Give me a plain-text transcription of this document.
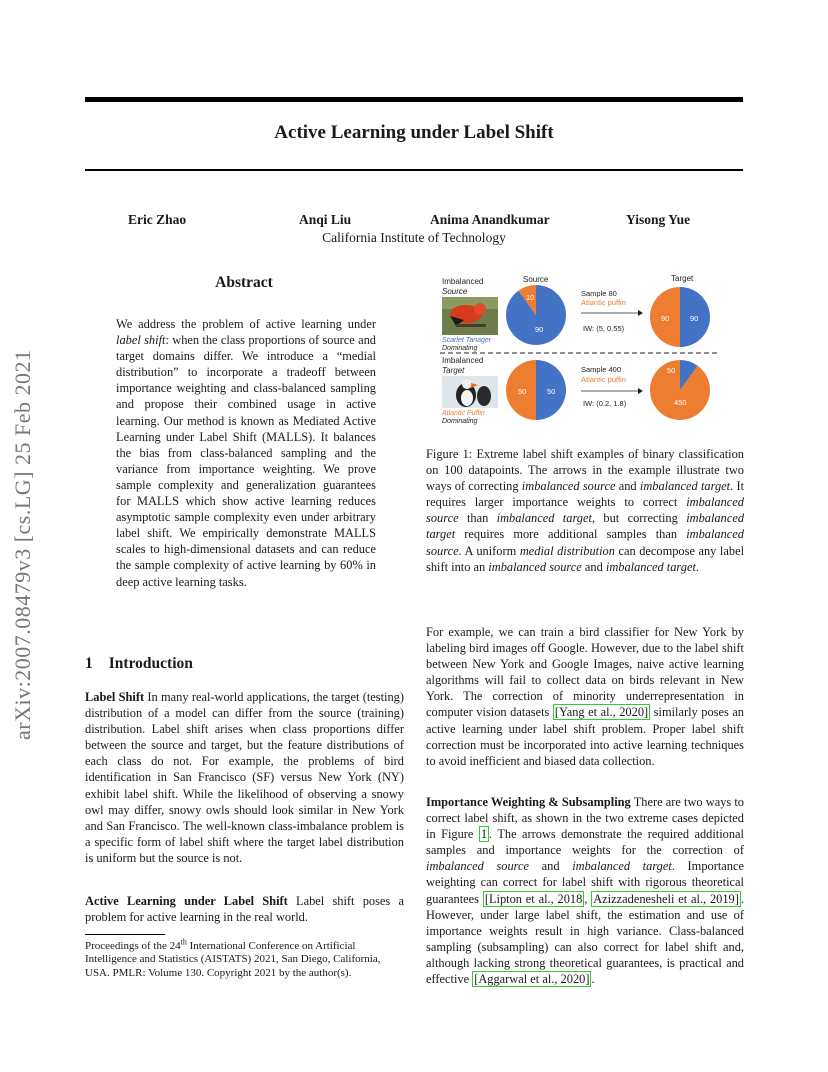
Active Learning under Label Shift
Eric Zhao	Anqi Liu	Anima Anandkumar	Yisong Yue
California Institute of Technology
arXiv:2007.08479v3 [cs.LG] 25 Feb 2021
Abstract
We address the problem of active learning under label shift: when the class proportions of source and target domains differ. We introduce a “medial distribution” to incorporate a tradeoff between importance weighting and class-balanced sampling and propose their combined usage in active learning. Our method is known as Mediated Active Learning under Label Shift (MALLS). It balances the bias from class-balanced sampling and the variance from importance weighting. We prove sample complexity and generalization guarantees for MALLS which show active learning reduces asymptotic sample complexity even under arbitrary label shift. We empirically demonstrate MALLS scales to high-dimensional datasets and can reduce the sample complexity of active learning by 60% in deep active learning tasks.
1 Introduction
Label Shift In many real-world applications, the target (testing) distribution of a model can differ from the source (training) distribution. Label shift arises when class proportions differ between the source and target, but the feature distributions of each class do not. For example, the problems of bird identification in San Francisco (SF) versus New York (NY) exhibit label shift. While the likelihood of observing a snowy owl may differ, snowy owls should look similar in New York and San Francisco. The well-known class-imbalance problem is a specific form of label shift where the target label distribution is uniform but the source is not.
Active Learning under Label Shift Label shift poses a problem for active learning in the real world.
Proceedings of the 24th International Conference on Artificial Intelligence and Statistics (AISTATS) 2021, San Diego, California, USA. PMLR: Volume 130. Copyright 2021 by the author(s).
Imbalanced
Source
Source	Target
Scarlet Tanager
Dominating
90
10	Sample 80
Atlantic puffin
IW: (5, 0.55)
90	90
Imbalanced
Target
Atlantic Puffin
Dominating
50	50
Sample 400
Atlantic puffin
IW: (0.2, 1.8)
50
450
Figure 1: Extreme label shift examples of binary classification on 100 datapoints. The arrows in the example illustrate two ways of correcting imbalanced source and imbalanced target. It requires larger importance weights to correct imbalanced source than imbalanced target, but correcting imbalanced target requires more additional samples than imbalanced source. A uniform medial distribution can decompose any label shift into an imbalanced source and imbalanced target.
For example, we can train a bird classifier for New York by labeling bird images off Google. However, due to the label shift between New York and Google Images, naive active learning algorithms will fail to collect data on birds relevant in New York. The correction of minority underrepresentation in computer vision datasets [Yang et al., 2020] similarly poses an active learning under label shift problem. Proper label shift correction must be incorporated into active learning techniques to avoid inefficient and biased data collection.
Importance Weighting & Subsampling There are two ways to correct label shift, as shown in the two extreme cases depicted in Figure 1 . The arrows demonstrate the required additional samples and importance weights for the correction of imbalanced source and imbalanced target. Importance weighting can correct for label shift with rigorous theoretical guarantees [Lipton et al., 2018 , Azizzadenesheli et al., 2019] . However, under large label shift, the estimation and use of importance weights result in high variance. Class-balanced sampling (subsampling) can also correct for label shift and, although lacking strong theoretical guarantees, is practical and effective [Aggarwal et al., 2020] .
